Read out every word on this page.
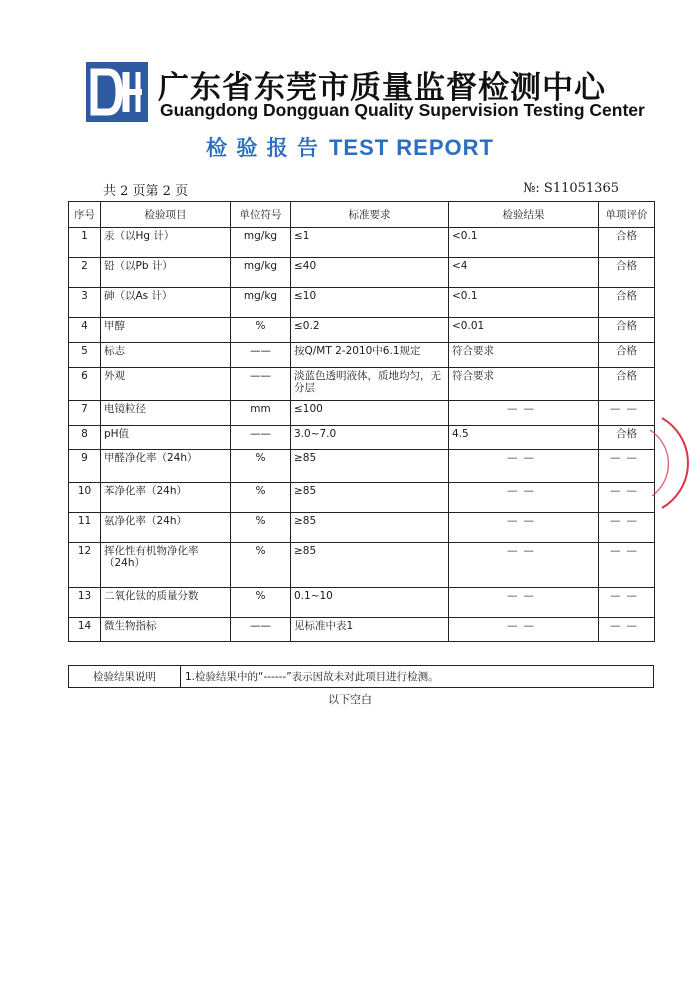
广东省东莞市质量监督检测中心
Guangdong Dongguan Quality Supervision Testing Center
检 验 报 告 TEST REPORT
共 2 页第 2 页	№: S11051365
序号	检验项目	单位符号	标准要求	检验结果	单项评价
1	汞（以Hg 计）	mg/kg	≤1	<0.1	合格
2	铅（以Pb 计）	mg/kg	≤40	<4	合格
3	砷（以As 计）	mg/kg	≤10	<0.1	合格
4	甲醇	%	≤0.2	<0.01	合格
5	标志	——	按Q/MT 2-2010中6.1规定	符合要求	合格
6	外观	——	淡蓝色透明液体，质地均匀，无分层	符合要求	合格
7	电镜粒径	mm	≤100	——	——

8	pH值	——	3.0~7.0	4.5	合格
9	甲醛净化率（24h）	%	≥85	——	——

10	苯净化率（24h）	%	≥85	——	——

11	氨净化率（24h）	%	≥85	——	——

12	挥化性有机物净化率（24h）	%	≥85	——	——

13	二氧化钛的质量分数	%	0.1~10	——	——

14	微生物指标	——	见标准中表1	——	——
检验结果说明	1.检验结果中的“------”表示因故未对此项目进行检测。
以下空白
